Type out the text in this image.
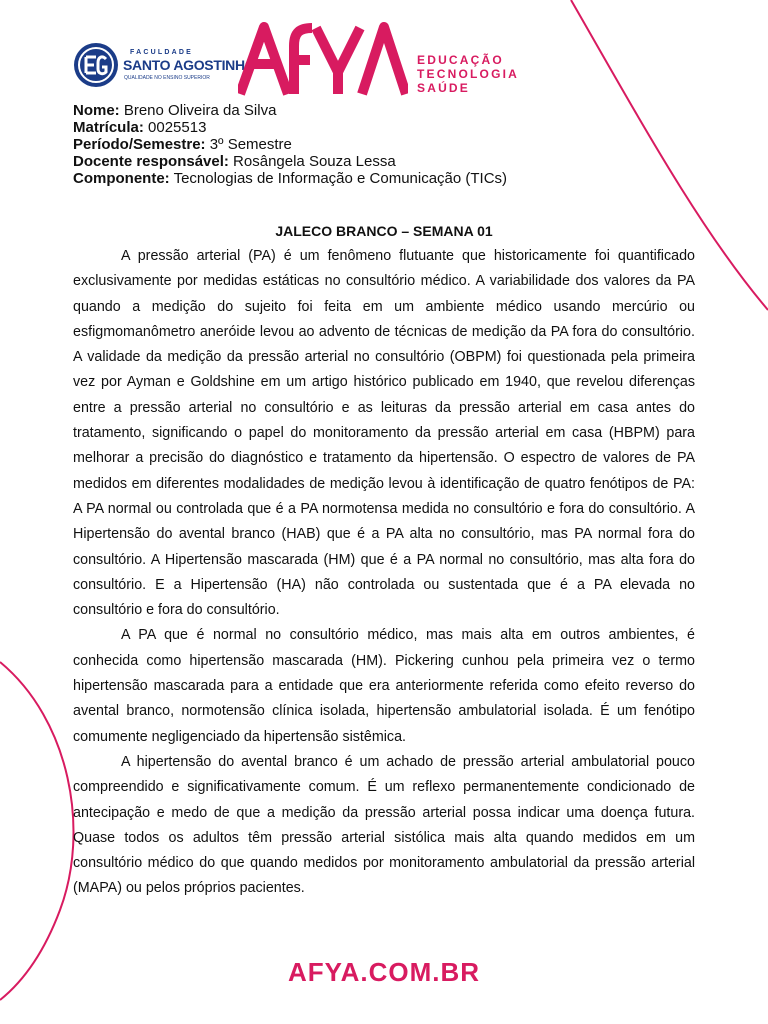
FACULDADE
SANTO AGOSTINHO
QUALIDADE NO ENSINO SUPERIOR
EDUCAÇÃO
TECNOLOGIA
SAÚDE
Nome: Breno Oliveira da Silva
Matrícula: 0025513
Período/Semestre: 3º Semestre
Docente responsável: Rosângela Souza Lessa
Componente: Tecnologias de Informação e Comunicação (TICs)
JALECO BRANCO – SEMANA 01

A pressão arterial (PA) é um fenômeno flutuante que historicamente foi quantificado exclusivamente por medidas estáticas no consultório médico. A variabilidade dos valores da PA quando a medição do sujeito foi feita em um ambiente médico usando mercúrio ou esfigmomanômetro aneróide levou ao advento de técnicas de medição da PA fora do consultório. A validade da medição da pressão arterial no consultório (OBPM) foi questionada pela primeira vez por Ayman e Goldshine em um artigo histórico publicado em 1940, que revelou diferenças entre a pressão arterial no consultório e as leituras da pressão arterial em casa antes do tratamento, significando o papel do monitoramento da pressão arterial em casa (HBPM) para melhorar a precisão do diagnóstico e tratamento da hipertensão. O espectro de valores de PA medidos em diferentes modalidades de medição levou à identificação de quatro fenótipos de PA: A PA normal ou controlada que é a PA normotensa medida no consultório e fora do consultório. A Hipertensão do avental branco (HAB) que é a PA alta no consultório, mas PA normal fora do consultório. A Hipertensão mascarada (HM) que é a PA normal no consultório, mas alta fora do consultório. E a Hipertensão (HA) não controlada ou sustentada que é a PA elevada no consultório e fora do consultório.

A PA que é normal no consultório médico, mas mais alta em outros ambientes, é conhecida como hipertensão mascarada (HM). Pickering cunhou pela primeira vez o termo hipertensão mascarada para a entidade que era anteriormente referida como efeito reverso do avental branco, normotensão clínica isolada, hipertensão ambulatorial isolada. É um fenótipo comumente negligenciado da hipertensão sistêmica.

A hipertensão do avental branco é um achado de pressão arterial ambulatorial pouco compreendido e significativamente comum. É um reflexo permanentemente condicionado de antecipação e medo de que a medição da pressão arterial possa indicar uma doença futura. Quase todos os adultos têm pressão arterial sistólica mais alta quando medidos em um consultório médico do que quando medidos por monitoramento ambulatorial da pressão arterial (MAPA) ou pelos próprios pacientes.

AFYA.COM.BR
